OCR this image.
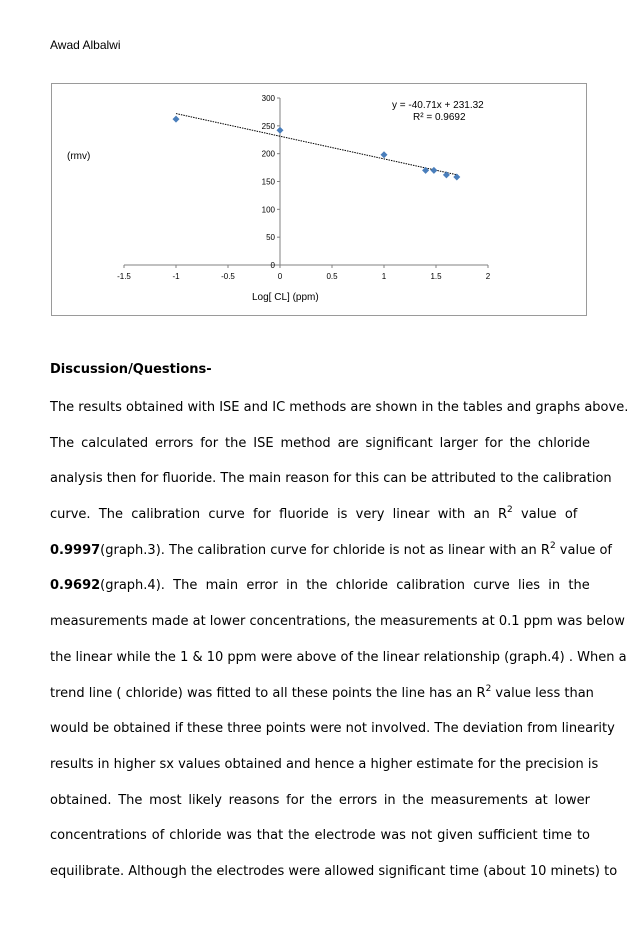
Awad Albalwi
0
50
100
150
200
250
300
-1.5	-1	-0.5	0	0.5	1	1.5	2
(rmv)
Log[ CL] (ppm)
y = -40.71x + 231.32
R² = 0.9692
Discussion/Questions-
The results obtained with ISE and IC methods are shown in the tables and graphs above.
The calculated errors for the ISE method are significant larger for the chloride
analysis then for fluoride. The main reason for this can be attributed to the calibration
curve.  The  calibration  curve  for  fluoride  is  very  linear  with  an  $R^2$  value  of
0.9997(graph.3). The calibration curve for chloride is not as linear with an $R^2$ value of
0.9692(graph.4).  The  main  error  in  the  chloride  calibration  curve  lies  in  the
measurements made at lower concentrations, the measurements at 0.1 ppm was below
the linear while the 1 & 10 ppm were above of the linear relationship (graph.4) . When a
trend line ( chloride) was fitted to all these points the line has an $R^2$ value less than
would be obtained if these three points were not involved. The deviation from linearity
results in higher sx values obtained and hence a higher estimate for the precision is
obtained. The most likely reasons for the errors in the measurements at lower
concentrations of chloride was that the electrode was not given sufficient time to
equilibrate. Although the electrodes were allowed significant time (about 10 minets) to
